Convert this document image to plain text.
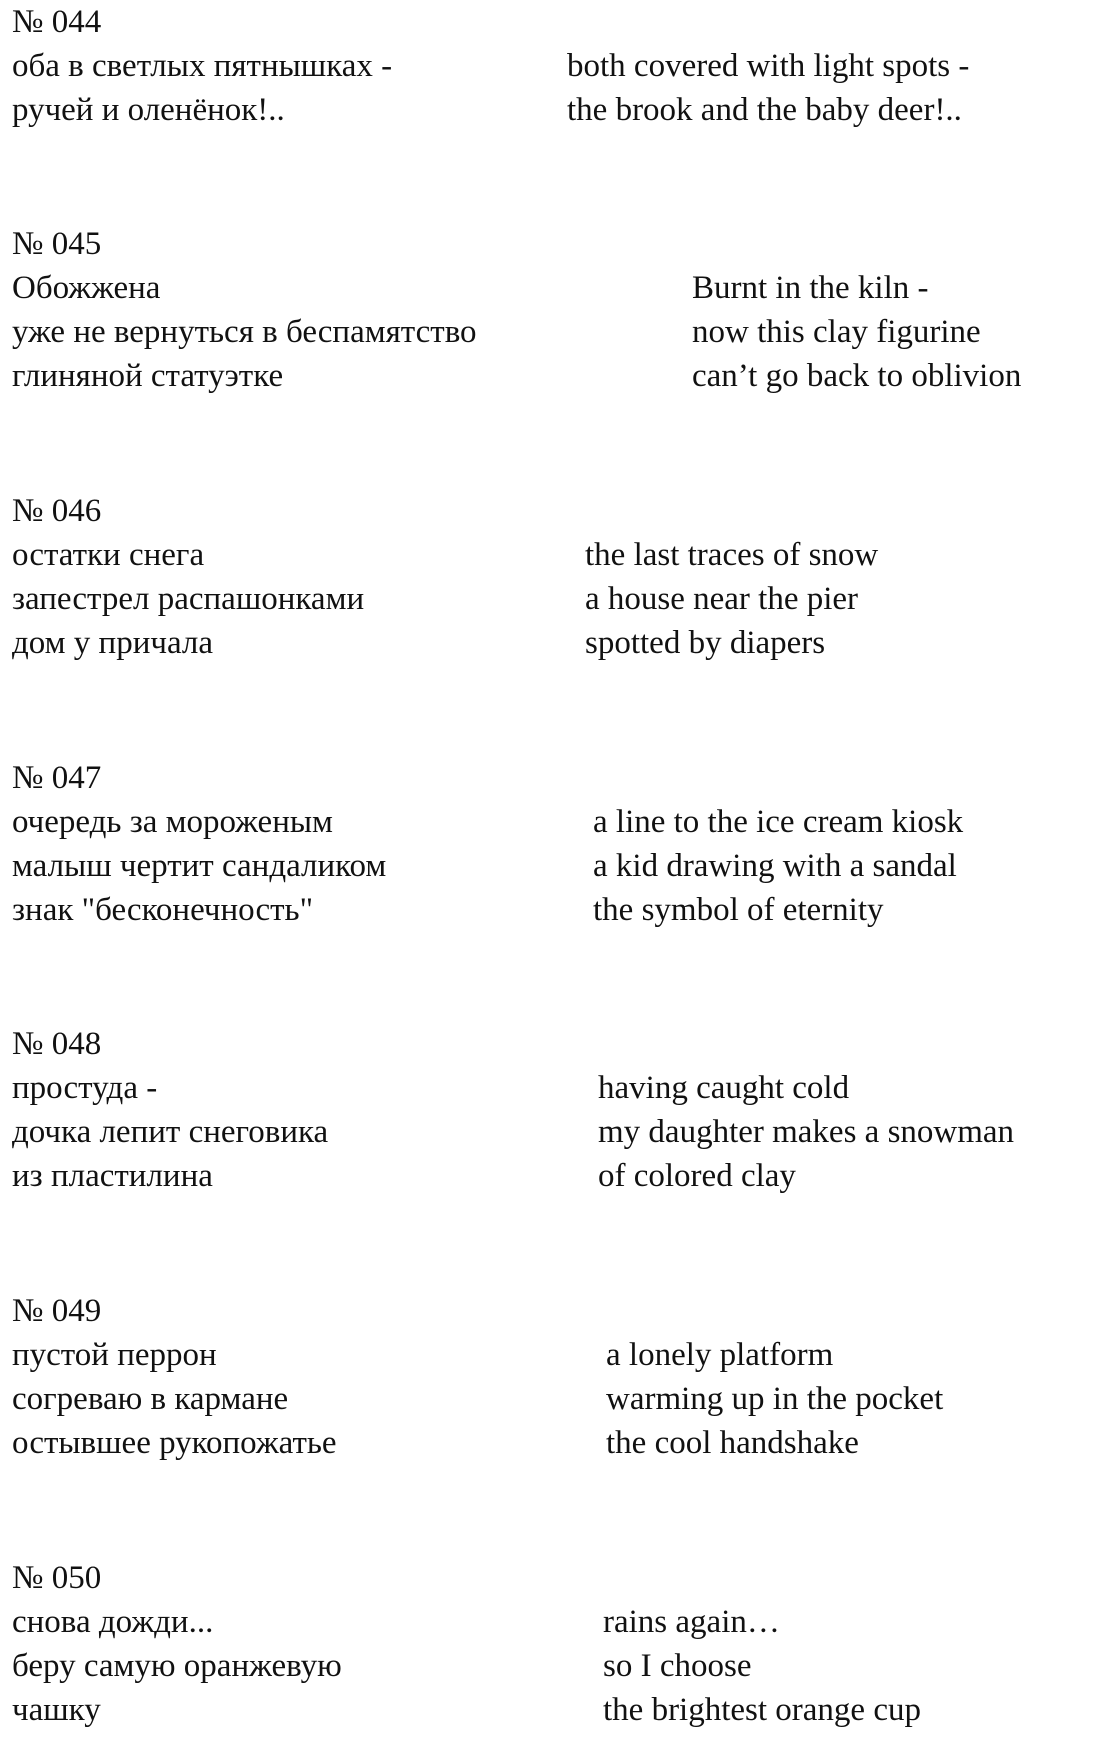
№ 044
оба в светлых пятнышках -
ручей и оленёнок!..
both covered with light spots -
the brook and the baby deer!..
№ 045
Обожжена
уже не вернуться в беспамятство
глиняной статуэтке
Burnt in the kiln -
now this clay figurine
can’t go back to oblivion
№ 046
остатки снега
запестрел распашонками
дом у причала
the last traces of snow
a house near the pier
spotted by diapers
№ 047
очередь за мороженым
малыш чертит сандаликом
знак "бесконечность"
a line to the ice cream kiosk
a kid drawing with a sandal
the symbol of eternity
№ 048
простуда -
дочка лепит снеговика
из пластилина
having caught cold
my daughter makes a snowman
of colored clay
№ 049
пустой перрон
согреваю в кармане
остывшее рукопожатье
a lonely platform
warming up in the pocket
the cool handshake
№ 050
снова дожди...
беру самую оранжевую
чашку
rains again…
so I choose
the brightest orange cup
